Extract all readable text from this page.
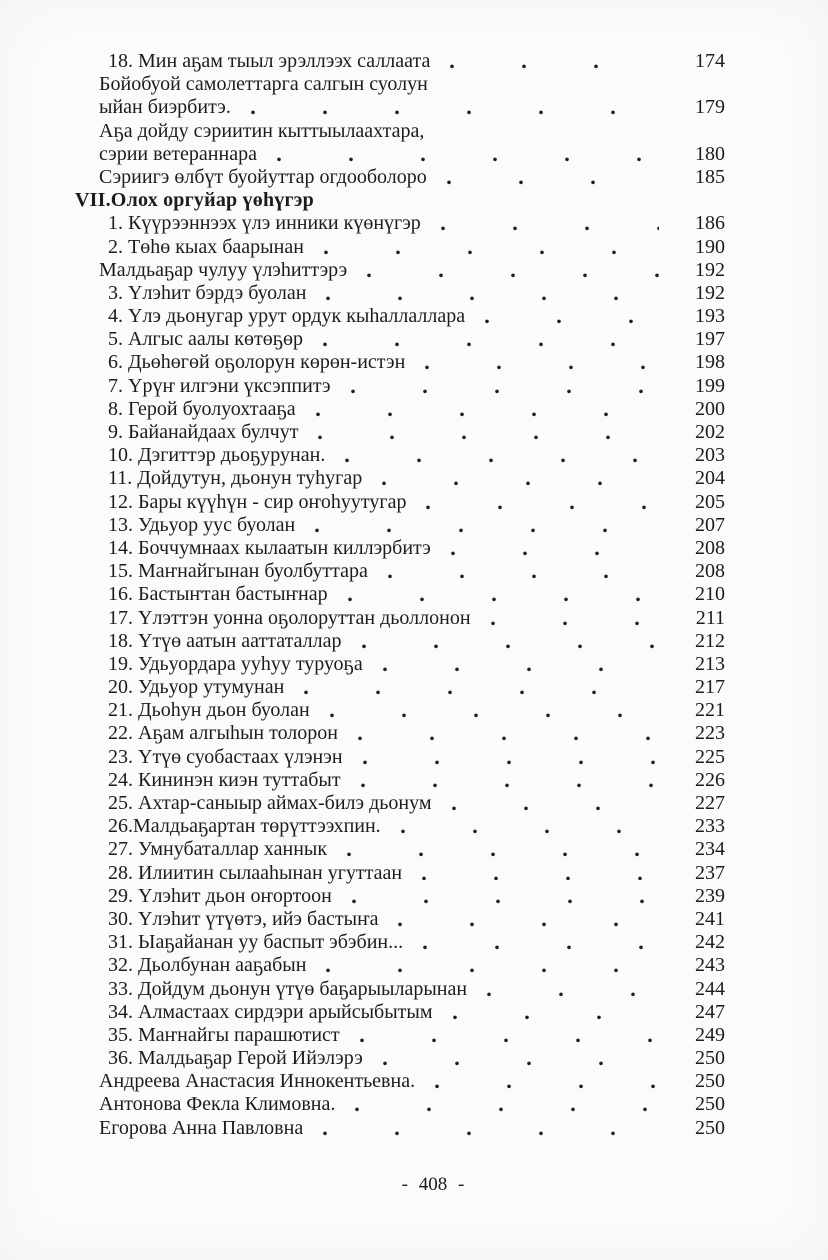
18. Мин аҕам тыыл эрэллээх саллаата	174
Бойобуой самолеттарга салгын суолун
ыйан биэрбитэ.	179
Аҕа дойду сэриитин кыттыылаахтара,
сэрии ветераннара	180
Сэриигэ өлбүт буойуттар огдооболоро	185
VII.Олох оргуйар үөһүгэр
1. Күүрээннээх үлэ инники күөнүгэр	186
2. Төһө кыах баарынан	190
Малдьаҕар чулуу үлэһиттэрэ	192
3. Үлэһит бэрдэ буолан	192
4. Үлэ дьонугар урут ордук кыһаллаллара	193
5. Алгыс аалы көтөҕөр	197
6. Дьөһөгөй оҕолорун көрөн-истэн	198
7. Үрүҥ илгэни үксэппитэ	199
8. Герой буолуохтааҕа	200
9. Байанайдаах булчут	202
10. Дэгиттэр дьоҕурунан.	203
11. Дойдутун, дьонун туһугар	204
12. Бары күүһүн - сир оҥоһуутугар	205
13. Удьуор уус буолан	207
14. Боччумнаах кылаатын киллэрбитэ	208
15. Маҥнайгынан буолбуттара	208
16. Бастыҥтан бастыҥнар	210
17. Үлэттэн уонна оҕолоруттан дьоллонон	211
18. Үтүө аатын ааттаталлар	212
19. Удьуордара ууһуу туруоҕа	213
20. Удьуор утумунан	217
21. Дьоһун дьон буолан	221
22. Аҕам алгыһын толорон	223
23. Үтүө суобастаах үлэнэн	225
24. Кининэн киэн туттабыт	226
25. Ахтар-саныыр аймах-билэ дьонум	227
26.Малдьаҕартан төрүттээхпин.	233
27. Умнубаталлар ханнык	234
28. Илиитин сылааһынан угуттаан	237
29. Үлэһит дьон оҥортоон	239
30. Үлэһит үтүөтэ, ийэ бастыҥа	241
31. Ыаҕайанан уу баспыт эбэбин...	242
32. Дьолбунан ааҕабын	243
33. Дойдум дьонун үтүө баҕарыыларынан	244
34. Алмастаах сирдэри арыйсыбытым	247
35. Маҥнайгы парашютист	249
36. Малдьаҕар Герой Ийэлэрэ	250
Андреева Анастасия Иннокентьевна.	250
Антонова Фекла Климовна.	250
Егорова Анна Павловна	250
- 408 -
